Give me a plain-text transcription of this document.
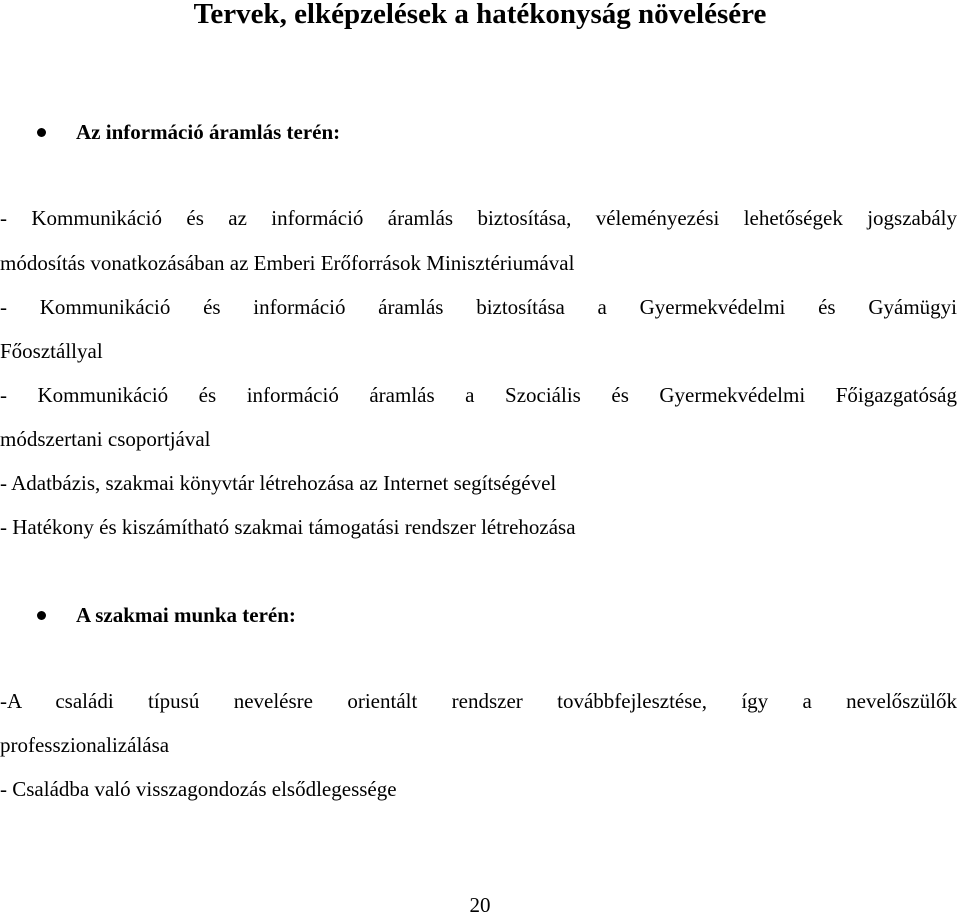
Tervek, elképzelések a hatékonyság növelésére
Az információ áramlás terén:
- Kommunikáció és az információ áramlás biztosítása, véleményezési lehetőségek jogszabály
módosítás vonatkozásában az Emberi Erőforrások Minisztériumával
- Kommunikáció és információ áramlás biztosítása a Gyermekvédelmi és Gyámügyi
Főosztállyal
- Kommunikáció és információ áramlás a Szociális és Gyermekvédelmi Főigazgatóság
módszertani csoportjával
- Adatbázis, szakmai könyvtár létrehozása az Internet segítségével
- Hatékony és kiszámítható szakmai támogatási rendszer létrehozása
A szakmai munka terén:
-A családi típusú nevelésre orientált rendszer továbbfejlesztése, így a nevelőszülők
professzionalizálása
- Családba való visszagondozás elsődlegessége
20
